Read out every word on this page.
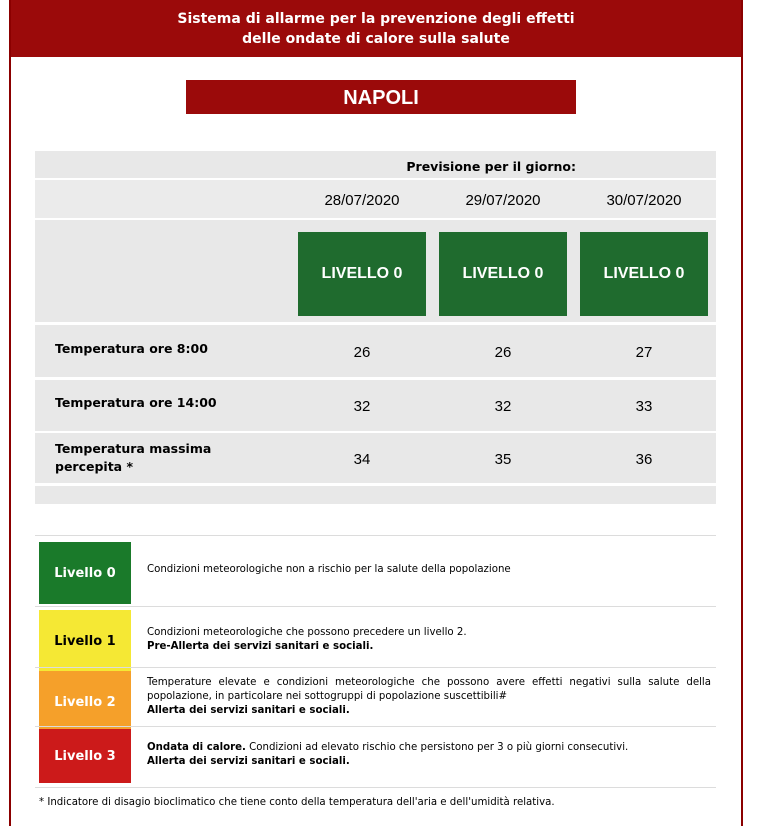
Sistema di allarme per la prevenzione degli effetti
delle ondate di calore sulla salute
NAPOLI
Previsione per il giorno:
28/07/2020	29/07/2020	30/07/2020
LIVELLO 0	LIVELLO 0	LIVELLO 0
Temperatura ore 8:00	26	26	27
Temperatura ore 14:00	32	32	33
Temperatura massima
percepita *	34	35	36
Livello 0	Condizioni meteorologiche non a rischio per la salute della popolazione
Livello 1
Condizioni meteorologiche che possono precedere un livello 2.
Pre-Allerta dei servizi sanitari e sociali.
Livello 2
Temperature elevate e condizioni meteorologiche che possono avere effetti negativi sulla salute della popolazione, in particolare nei sottogruppi di popolazione suscettibili#
Allerta dei servizi sanitari e sociali.
Livello 3
Ondata di calore. Condizioni ad elevato rischio che persistono per 3 o più giorni consecutivi.
Allerta dei servizi sanitari e sociali.
* Indicatore di disagio bioclimatico che tiene conto della temperatura dell'aria e dell'umidità relativa.
